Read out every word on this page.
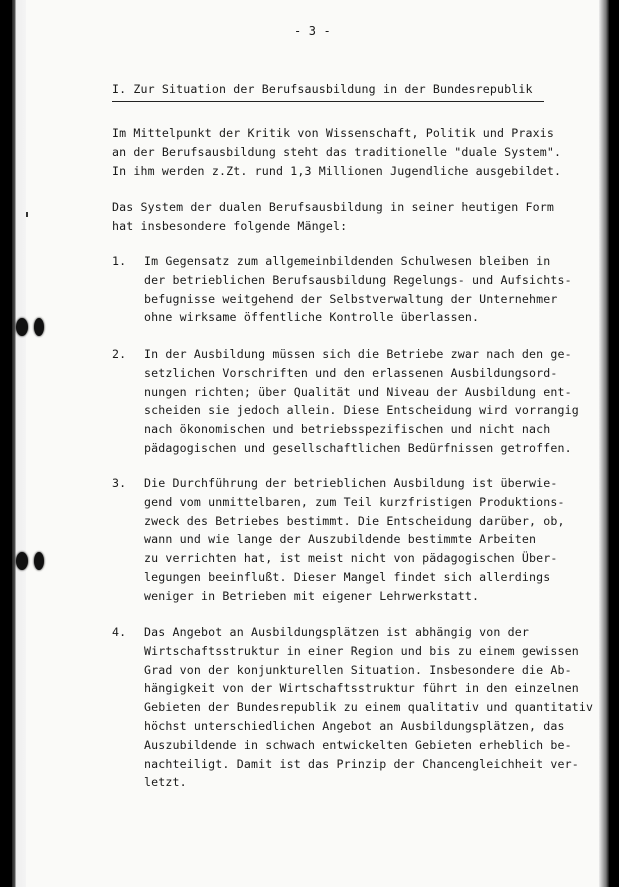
- 3 -
I. Zur Situation der Berufsausbildung in der Bundesrepublik
Im Mittelpunkt der Kritik von Wissenschaft, Politik und Praxis
an der Berufsausbildung steht das traditionelle "duale System".
In ihm werden z.Zt. rund 1,3 Millionen Jugendliche ausgebildet.
Das System der dualen Berufsausbildung in seiner heutigen Form
hat insbesondere folgende Mängel:
1. Im Gegensatz zum allgemeinbildenden Schulwesen bleiben in
der betrieblichen Berufsausbildung Regelungs- und Aufsichts-
befugnisse weitgehend der Selbstverwaltung der Unternehmer
ohne wirksame öffentliche Kontrolle überlassen.
2. In der Ausbildung müssen sich die Betriebe zwar nach den ge-
setzlichen Vorschriften und den erlassenen Ausbildungsord-
nungen richten; über Qualität und Niveau der Ausbildung ent-
scheiden sie jedoch allein. Diese Entscheidung wird vorrangig
nach ökonomischen und betriebsspezifischen und nicht nach
pädagogischen und gesellschaftlichen Bedürfnissen getroffen.
3. Die Durchführung der betrieblichen Ausbildung ist überwie-
gend vom unmittelbaren, zum Teil kurzfristigen Produktions-
zweck des Betriebes bestimmt. Die Entscheidung darüber, ob,
wann und wie lange der Auszubildende bestimmte Arbeiten
zu verrichten hat, ist meist nicht von pädagogischen Über-
legungen beeinflußt. Dieser Mangel findet sich allerdings
weniger in Betrieben mit eigener Lehrwerkstatt.
4. Das Angebot an Ausbildungsplätzen ist abhängig von der
Wirtschaftsstruktur in einer Region und bis zu einem gewissen
Grad von der konjunkturellen Situation. Insbesondere die Ab-
hängigkeit von der Wirtschaftsstruktur führt in den einzelnen
Gebieten der Bundesrepublik zu einem qualitativ und quantitativ
höchst unterschiedlichen Angebot an Ausbildungsplätzen, das
Auszubildende in schwach entwickelten Gebieten erheblich be-
nachteiligt. Damit ist das Prinzip der Chancengleichheit ver-
letzt.
